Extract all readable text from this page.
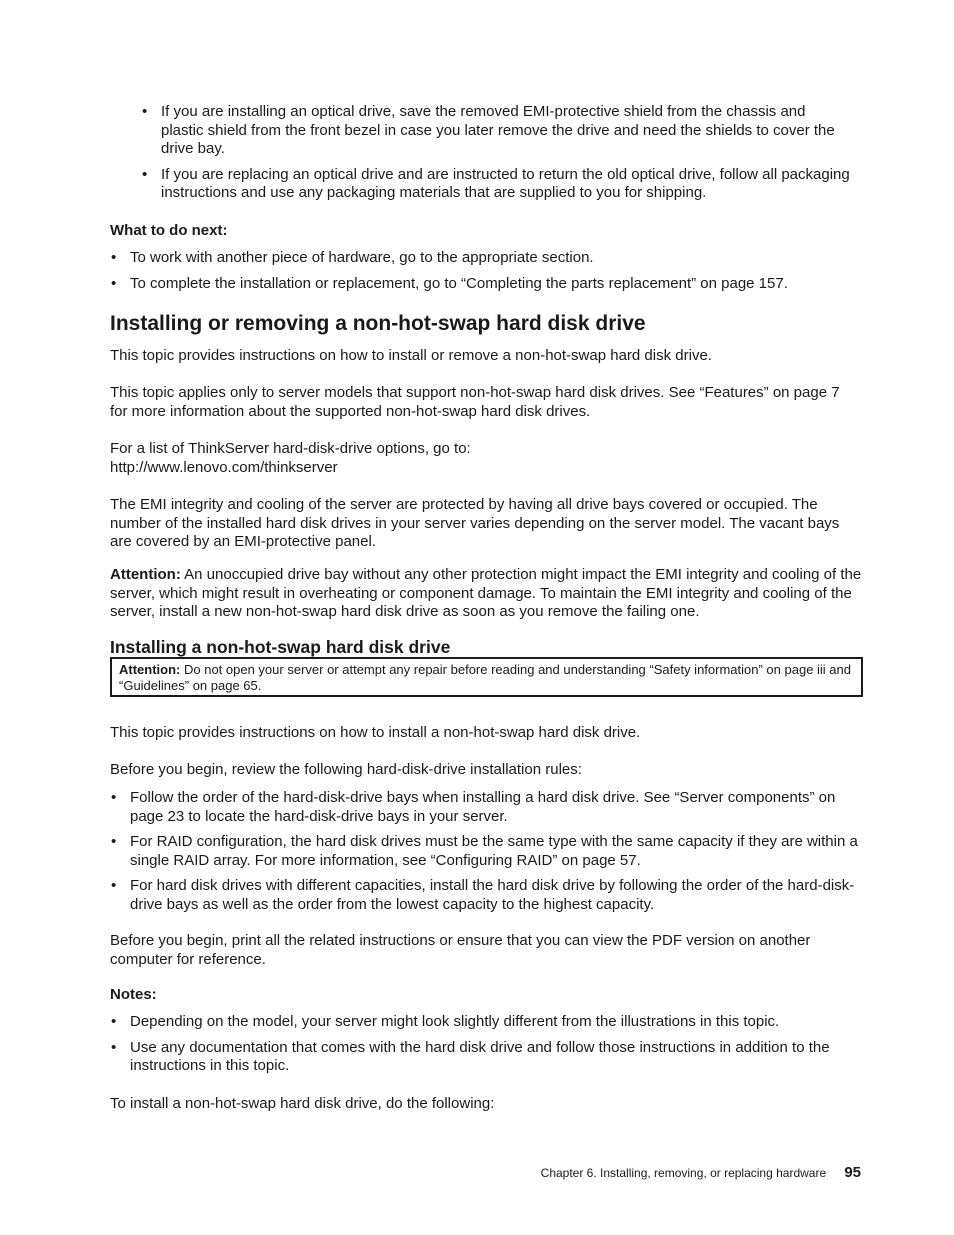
• If you are installing an optical drive, save the removed EMI-protective shield from the chassis and plastic shield from the front bezel in case you later remove the drive and need the shields to cover the drive bay.
• If you are replacing an optical drive and are instructed to return the old optical drive, follow all packaging instructions and use any packaging materials that are supplied to you for shipping.

What to do next:

• To work with another piece of hardware, go to the appropriate section.
• To complete the installation or replacement, go to “Completing the parts replacement” on page 157.

Installing or removing a non-hot-swap hard disk drive

This topic provides instructions on how to install or remove a non-hot-swap hard disk drive.

This topic applies only to server models that support non-hot-swap hard disk drives. See “Features” on page 7 for more information about the supported non-hot-swap hard disk drives.

For a list of ThinkServer hard-disk-drive options, go to:

http://www.lenovo.com/thinkserver

The EMI integrity and cooling of the server are protected by having all drive bays covered or occupied. The number of the installed hard disk drives in your server varies depending on the server model. The vacant bays are covered by an EMI-protective panel.

Attention: An unoccupied drive bay without any other protection might impact the EMI integrity and cooling of the server, which might result in overheating or component damage. To maintain the EMI integrity and cooling of the server, install a new non-hot-swap hard disk drive as soon as you remove the failing one.

Installing a non-hot-swap hard disk drive

Attention: Do not open your server or attempt any repair before reading and understanding “Safety information” on page iii and “Guidelines” on page 65.

This topic provides instructions on how to install a non-hot-swap hard disk drive.

Before you begin, review the following hard-disk-drive installation rules:

• Follow the order of the hard-disk-drive bays when installing a hard disk drive. See “Server components” on page 23 to locate the hard-disk-drive bays in your server.
• For RAID configuration, the hard disk drives must be the same type with the same capacity if they are within a single RAID array. For more information, see “Configuring RAID” on page 57.
• For hard disk drives with different capacities, install the hard disk drive by following the order of the hard-disk-drive bays as well as the order from the lowest capacity to the highest capacity.

Before you begin, print all the related instructions or ensure that you can view the PDF version on another computer for reference.

Notes:

• Depending on the model, your server might look slightly different from the illustrations in this topic.
• Use any documentation that comes with the hard disk drive and follow those instructions in addition to the instructions in this topic.

To install a non-hot-swap hard disk drive, do the following:

Chapter 6. Installing, removing, or replacing hardware 95
